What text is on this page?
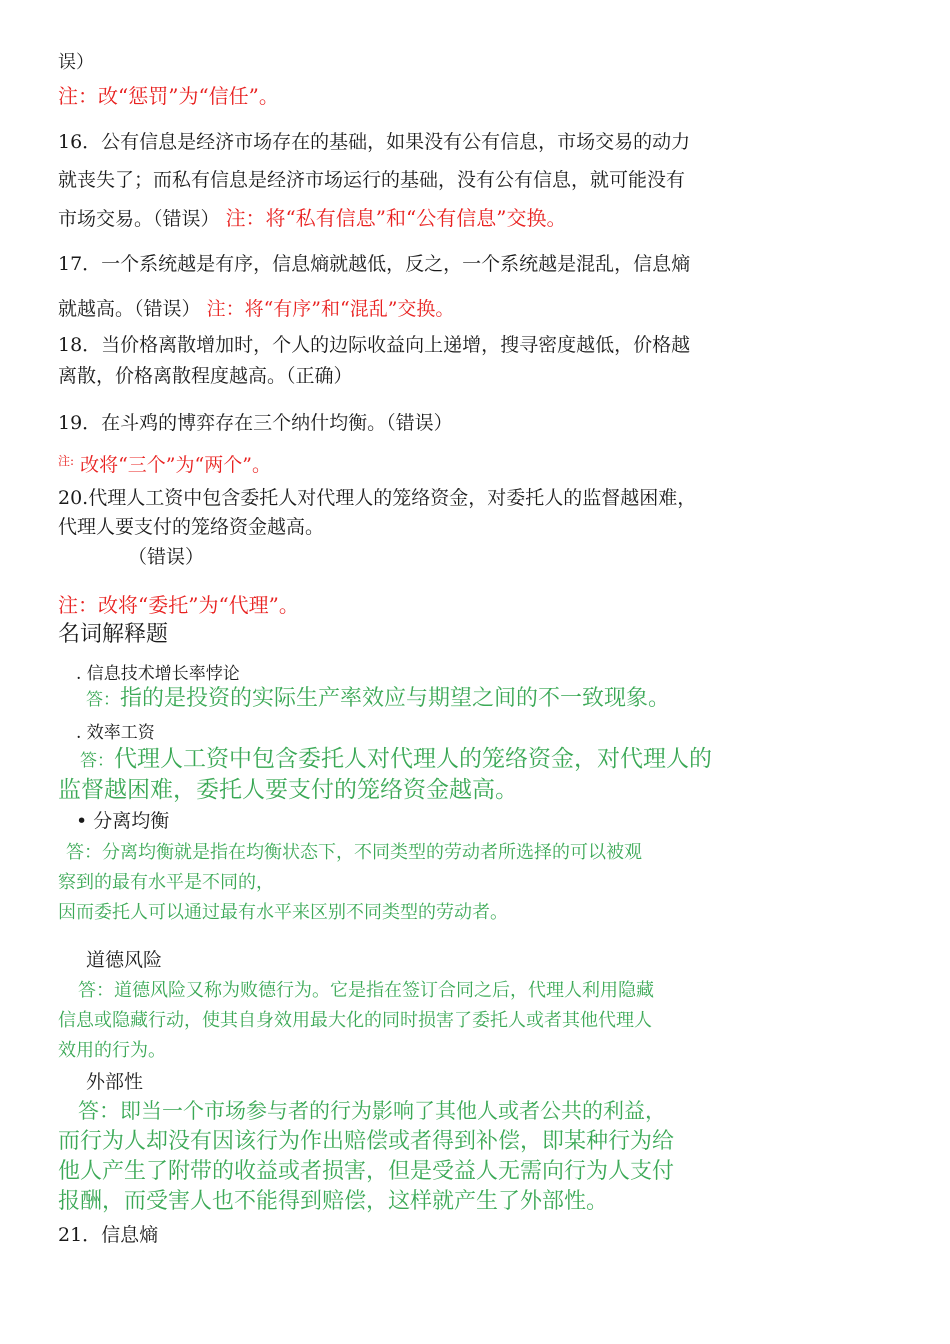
误）
注：改“惩罚”为“信任”。
16．公有信息是经济市场存在的基础，如果没有公有信息，市场交易的动力
就丧失了；而私有信息是经济市场运行的基础，没有公有信息，就可能没有
市场交易。（错误） 注：将“私有信息”和“公有信息”交换。
17．一个系统越是有序，信息熵就越低，反之，一个系统越是混乱，信息熵
就越高。（错误） 注：将“有序”和“混乱”交换。
18．当价格离散增加时，个人的边际收益向上递增，搜寻密度越低，价格越
离散，价格离散程度越高。（正确）
19．在斗鸡的博弈存在三个纳什均衡。（错误）
$^{注:}$ 改将“三个”为“两个”。
20.代理人工资中包含委托人对代理人的笼络资金，对委托人的监督越困难，
代理人要支付的笼络资金越高。
（错误）
注：改将“委托”为“代理”。
名词解释题
. 信息技术增长率悖论
答：指的是投资的实际生产率效应与期望之间的不一致现象。
. 效率工资
答：代理人工资中包含委托人对代理人的笼络资金，对代理人的
监督越困难，委托人要支付的笼络资金越高。
• 分离均衡
答：分离均衡就是指在均衡状态下，不同类型的劳动者所选择的可以被观
察到的最有水平是不同的，
因而委托人可以通过最有水平来区别不同类型的劳动者。
道德风险
答：道德风险又称为败德行为。它是指在签订合同之后，代理人利用隐藏
信息或隐藏行动，使其自身效用最大化的同时损害了委托人或者其他代理人
效用的行为。
外部性
答：即当一个市场参与者的行为影响了其他人或者公共的利益，
而行为人却没有因该行为作出赔偿或者得到补偿，即某种行为给
他人产生了附带的收益或者损害，但是受益人无需向行为人支付
报酬，而受害人也不能得到赔偿，这样就产生了外部性。
21．信息熵
